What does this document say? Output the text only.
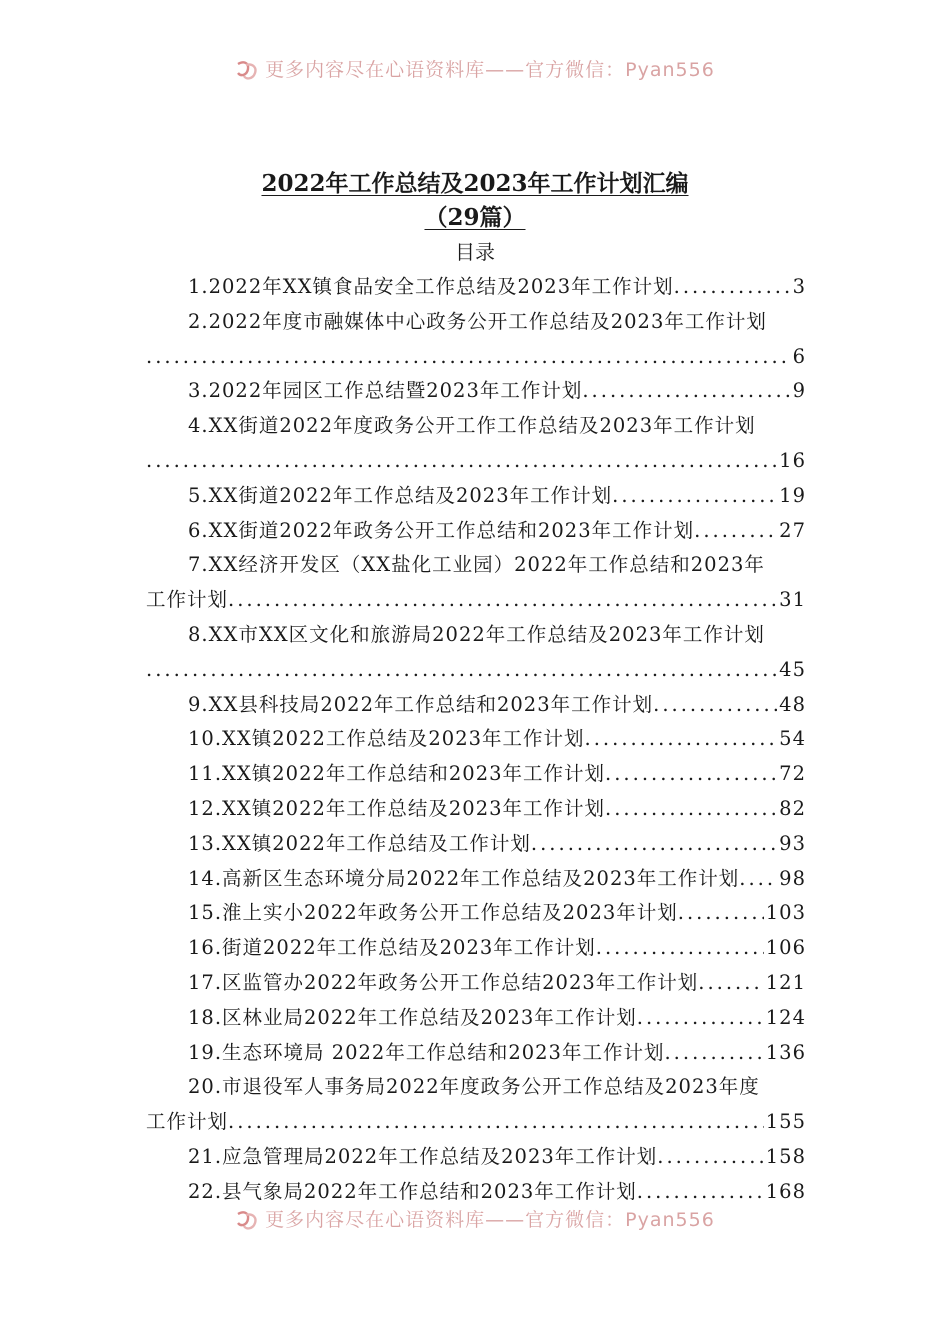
更多内容尽在心语资料库——官方微信：Pyan556
2022年工作总结及2023年工作计划汇编
（29篇）
目录
1.2022年XX镇食品安全工作总结及2023年工作计划 .....	3
2.2022年度市融媒体中心政务公开工作总结及2023年工作计划
.....
6
3.2022年园区工作总结暨2023年工作计划 .....	9
4.XX街道2022年度政务公开工作工作总结及2023年工作计划
.....
16
5.XX街道2022年工作总结及2023年工作计划 .....	19
6.XX街道2022年政务公开工作总结和2023年工作计划 .....	27
7.XX经济开发区（XX盐化工业园）2022年工作总结和2023年
工作计划 .....	31
8.XX市XX区文化和旅游局2022年工作总结及2023年工作计划
.....
45
9.XX县科技局2022年工作总结和2023年工作计划 .....	48
10.XX镇2022工作总结及2023年工作计划 .....	54
11.XX镇2022年工作总结和2023年工作计划 .....	72
12.XX镇2022年工作总结及2023年工作计划 .....	82
13.XX镇2022年工作总结及工作计划 .....	93
14.高新区生态环境分局2022年工作总结及2023年工作计划 ..... 98
15.淮上实小2022年政务公开工作总结及2023年计划 .....	103
16.街道2022年工作总结及2023年工作计划 .....	106
17.区监管办2022年政务公开工作总结2023年工作计划 .....	121
18.区林业局2022年工作总结及2023年工作计划 .....	124
19.生态环境局 2022年工作总结和2023年工作计划 .....	136
20.市退役军人事务局2022年度政务公开工作总结及2023年度
工作计划 .....	155
21.应急管理局2022年工作总结及2023年工作计划 .....	158
22.县气象局2022年工作总结和2023年工作计划 .....	168
更多内容尽在心语资料库——官方微信：Pyan556
